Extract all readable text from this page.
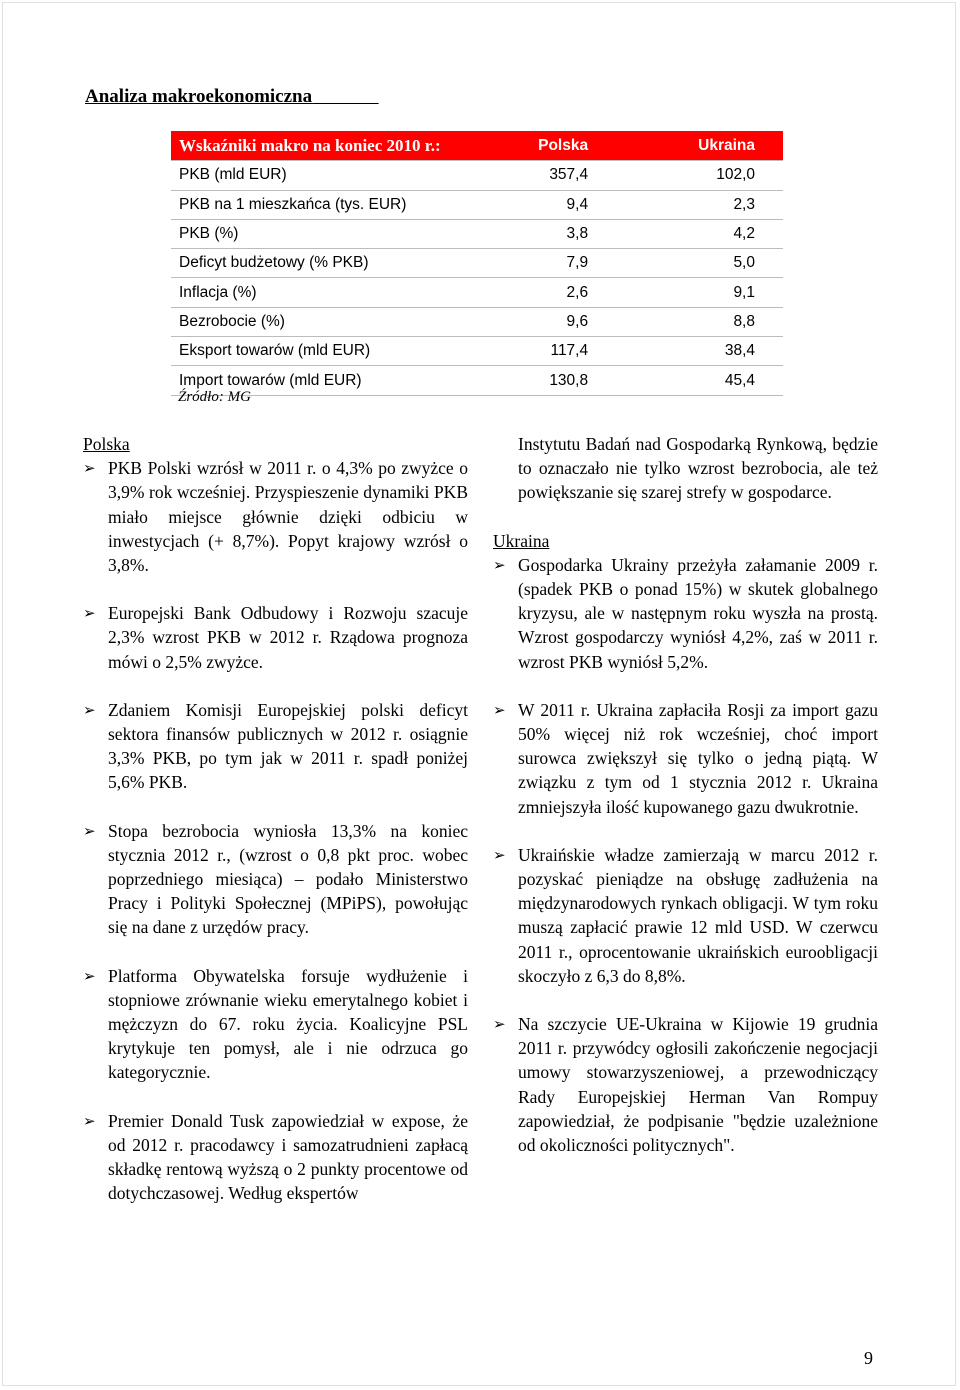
Analiza makroekonomiczna
Wskaźniki makro na koniec 2010 r.:	Polska	Ukraina
PKB (mld EUR)	357,4	102,0
PKB na 1 mieszkańca (tys. EUR)	9,4	2,3
PKB (%)	3,8	4,2
Deficyt budżetowy (% PKB)	7,9	5,0
Inflacja (%)	2,6	9,1
Bezrobocie (%)	9,6	8,8
Eksport towarów (mld EUR)	117,4	38,4
Import towarów (mld EUR)	130,8	45,4
Źródło: MG
Polska
➢ PKB Polski wzrósł w 2011 r. o 4,3% po zwyżce o 3,9% rok wcześniej. Przyspieszenie dynamiki PKB miało miejsce głównie dzięki odbiciu w inwestycjach (+ 8,7%). Popyt krajowy wzrósł o 3,8%.
➢ Europejski Bank Odbudowy i Rozwoju szacuje 2,3% wzrost PKB w 2012 r. Rządowa prognoza mówi o 2,5% zwyżce.
➢ Zdaniem Komisji Europejskiej polski deficyt sektora finansów publicznych w 2012 r. osiągnie 3,3% PKB, po tym jak w 2011 r. spadł poniżej 5,6% PKB.
➢ Stopa bezrobocia wyniosła 13,3% na koniec stycznia 2012 r., (wzrost o 0,8 pkt proc. wobec poprzedniego miesiąca) – podało Ministerstwo Pracy i Polityki Społecznej (MPiPS), powołując się na dane z urzędów pracy.
➢ Platforma Obywatelska forsuje wydłużenie i stopniowe zrównanie wieku emerytalnego kobiet i mężczyzn do 67. roku życia. Koalicyjne PSL krytykuje ten pomysł, ale i nie odrzuca go kategorycznie.
➢ Premier Donald Tusk zapowiedział w expose, że od 2012 r. pracodawcy i samozatrudnieni zapłacą składkę rentową wyższą o 2 punkty procentowe od dotychczasowej. Według ekspertów
Instytutu Badań nad Gospodarką Rynkową, będzie to oznaczało nie tylko wzrost bezrobocia, ale też powiększanie się szarej strefy w gospodarce.
Ukraina
➢ Gospodarka Ukrainy przeżyła załamanie 2009 r. (spadek PKB o ponad 15%) w skutek globalnego kryzysu, ale w następnym roku wyszła na prostą. Wzrost gospodarczy wyniósł 4,2%, zaś w 2011 r. wzrost PKB wyniósł 5,2%.
➢ W 2011 r. Ukraina zapłaciła Rosji za import gazu 50% więcej niż rok wcześniej, choć import surowca zwiększył się tylko o jedną piątą. W związku z tym od 1 stycznia 2012 r. Ukraina zmniejszyła ilość kupowanego gazu dwukrotnie.
➢ Ukraińskie władze zamierzają w marcu 2012 r. pozyskać pieniądze na obsługę zadłużenia na międzynarodowych rynkach obligacji. W tym roku muszą zapłacić prawie 12 mld USD. W czerwcu 2011 r., oprocentowanie ukraińskich euroobligacji skoczyło z 6,3 do 8,8%.
➢ Na szczycie UE-Ukraina w Kijowie 19 grudnia 2011 r. przywódcy ogłosili zakończenie negocjacji umowy stowarzyszeniowej, a przewodniczący Rady Europejskiej Herman Van Rompuy zapowiedział, że podpisanie "będzie uzależnione od okoliczności politycznych".
9
